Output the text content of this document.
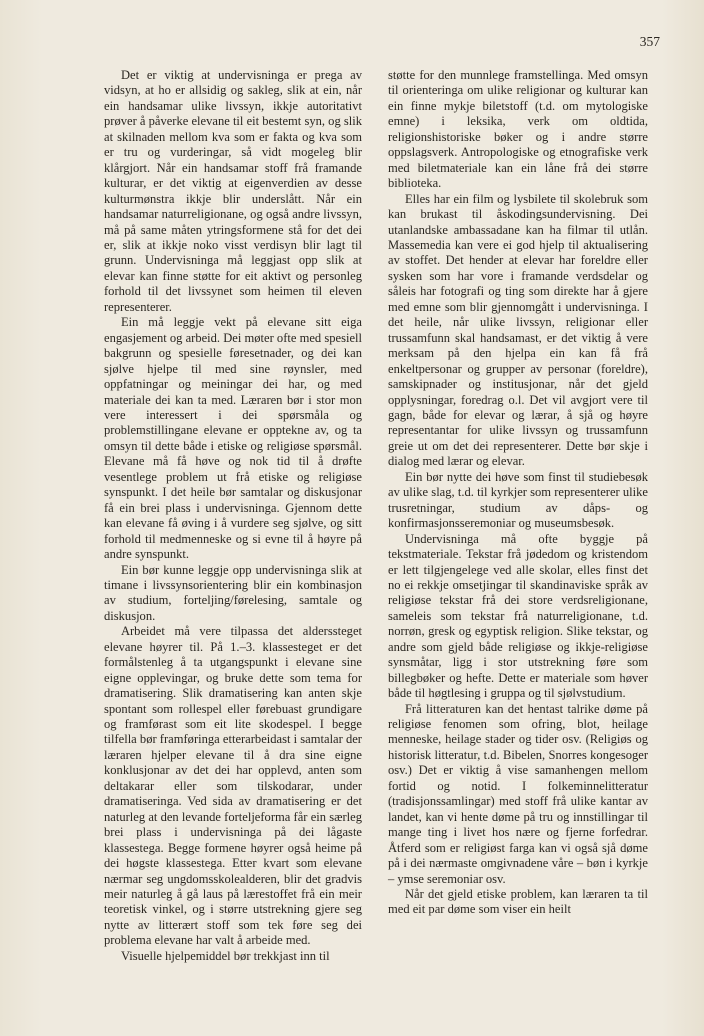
357

Det er viktig at undervisninga er prega av vidsyn, at ho er allsidig og sakleg, slik at ein, når ein handsamar ulike livssyn, ikkje autoritativt prøver å påverke elevane til eit bestemt syn, og slik at skilnaden mellom kva som er fakta og kva som er tru og vurderingar, så vidt mogeleg blir klårgjort. Når ein handsamar stoff frå framande kulturar, er det viktig at eigenverdien av desse kulturmønstra ikkje blir underslått. Når ein handsamar naturreligionane, og også andre livssyn, må på same måten ytringsformene stå for det dei er, slik at ikkje noko visst verdisyn blir lagt til grunn. Undervisninga må leggjast opp slik at elevar kan finne støtte for eit aktivt og personleg forhold til det livssynet som heimen til eleven representerer.

Ein må leggje vekt på elevane sitt eiga engasjement og arbeid. Dei møter ofte med spesiell bakgrunn og spesielle føresetnader, og dei kan sjølve hjelpe til med sine røynsler, med oppfatningar og meiningar dei har, og med materiale dei kan ta med. Læraren bør i stor mon vere interessert i dei spørsmåla og problemstillingane elevane er opptekne av, og ta omsyn til dette både i etiske og religiøse spørsmål. Elevane må få høve og nok tid til å drøfte vesentlege problem ut frå etiske og religiøse synspunkt. I det heile bør samtalar og diskusjonar få ein brei plass i undervisninga. Gjennom dette kan elevane få øving i å vurdere seg sjølve, og sitt forhold til medmenneske og si evne til å høyre på andre synspunkt.

Ein bør kunne leggje opp undervisninga slik at timane i livssynsorientering blir ein kombinasjon av studium, forteljing/førelesing, samtale og diskusjon.

Arbeidet må vere tilpassa det alderssteget elevane høyrer til. På 1.–3. klassesteget er det formålstenleg å ta utgangspunkt i elevane sine eigne opplevingar, og bruke dette som tema for dramatisering. Slik dramatisering kan anten skje spontant som rollespel eller førebuast grundigare og framførast som eit lite skodespel. I begge tilfella bør framføringa etterarbeidast i samtalar der læraren hjelper elevane til å dra sine eigne konklusjonar av det dei har opplevd, anten som deltakarar eller som tilskodarar, under dramatiseringa. Ved sida av dramatisering er det naturleg at den levande forteljeforma får ein særleg brei plass i undervisninga på dei lågaste klassestega. Begge formene høyrer også heime på dei høgste klassestega. Etter kvart som elevane nærmar seg ungdomsskolealderen, blir det gradvis meir naturleg å gå laus på lærestoffet frå ein meir teoretisk vinkel, og i større utstrekning gjere seg nytte av litterært stoff som tek føre seg dei problema elevane har valt å arbeide med.

Visuelle hjelpemiddel bør trekkjast inn til

støtte for den munnlege framstellinga. Med omsyn til orienteringa om ulike religionar og kulturar kan ein finne mykje biletstoff (t.d. om mytologiske emne) i leksika, verk om oldtida, religionshistoriske bøker og i andre større oppslagsverk. Antropologiske og etnografiske verk med biletmateriale kan ein låne frå dei større biblioteka.

Elles har ein film og lysbilete til skolebruk som kan brukast til åskodingsundervisning. Dei utanlandske ambassadane kan ha filmar til utlån. Massemedia kan vere ei god hjelp til aktualisering av stoffet. Det hender at elevar har foreldre eller sysken som har vore i framande verdsdelar og såleis har fotografi og ting som direkte har å gjere med emne som blir gjennomgått i undervisninga. I det heile, når ulike livssyn, religionar eller trussamfunn skal handsamast, er det viktig å vere merksam på den hjelpa ein kan få frå enkeltpersonar og grupper av personar (foreldre), samskipnader og institusjonar, når det gjeld opplysningar, foredrag o.l. Det vil avgjort vere til gagn, både for elevar og lærar, å sjå og høyre representantar for ulike livssyn og trussamfunn greie ut om det dei representerer. Dette bør skje i dialog med lærar og elevar.

Ein bør nytte dei høve som finst til studiebesøk av ulike slag, t.d. til kyrkjer som representerer ulike trusretningar, studium av dåps- og konfirmasjonsseremoniar og museumsbesøk.

Undervisninga må ofte byggje på tekstmateriale. Tekstar frå jødedom og kristendom er lett tilgjengelege ved alle skolar, elles finst det no ei rekkje omsetjingar til skandinaviske språk av religiøse tekstar frå dei store verdsreligionane, sameleis som tekstar frå naturreligionane, t.d. norrøn, gresk og egyptisk religion. Slike tekstar, og andre som gjeld både religiøse og ikkje-religiøse synsmåtar, ligg i stor utstrekning føre som billegbøker og hefte. Dette er materiale som høver både til høgtlesing i gruppa og til sjølvstudium.

Frå litteraturen kan det hentast talrike døme på religiøse fenomen som ofring, blot, heilage menneske, heilage stader og tider osv. (Religiøs og historisk litteratur, t.d. Bibelen, Snorres kongesoger osv.) Det er viktig å vise samanhengen mellom fortid og notid. I folkeminnelitteratur (tradisjonssamlingar) med stoff frå ulike kantar av landet, kan vi hente døme på tru og innstillingar til mange ting i livet hos nære og fjerne forfedrar. Åtferd som er religiøst farga kan vi også sjå døme på i dei nærmaste omgivnadene våre – bøn i kyrkje – ymse seremoniar osv.

Når det gjeld etiske problem, kan læraren ta til med eit par døme som viser ein heilt
